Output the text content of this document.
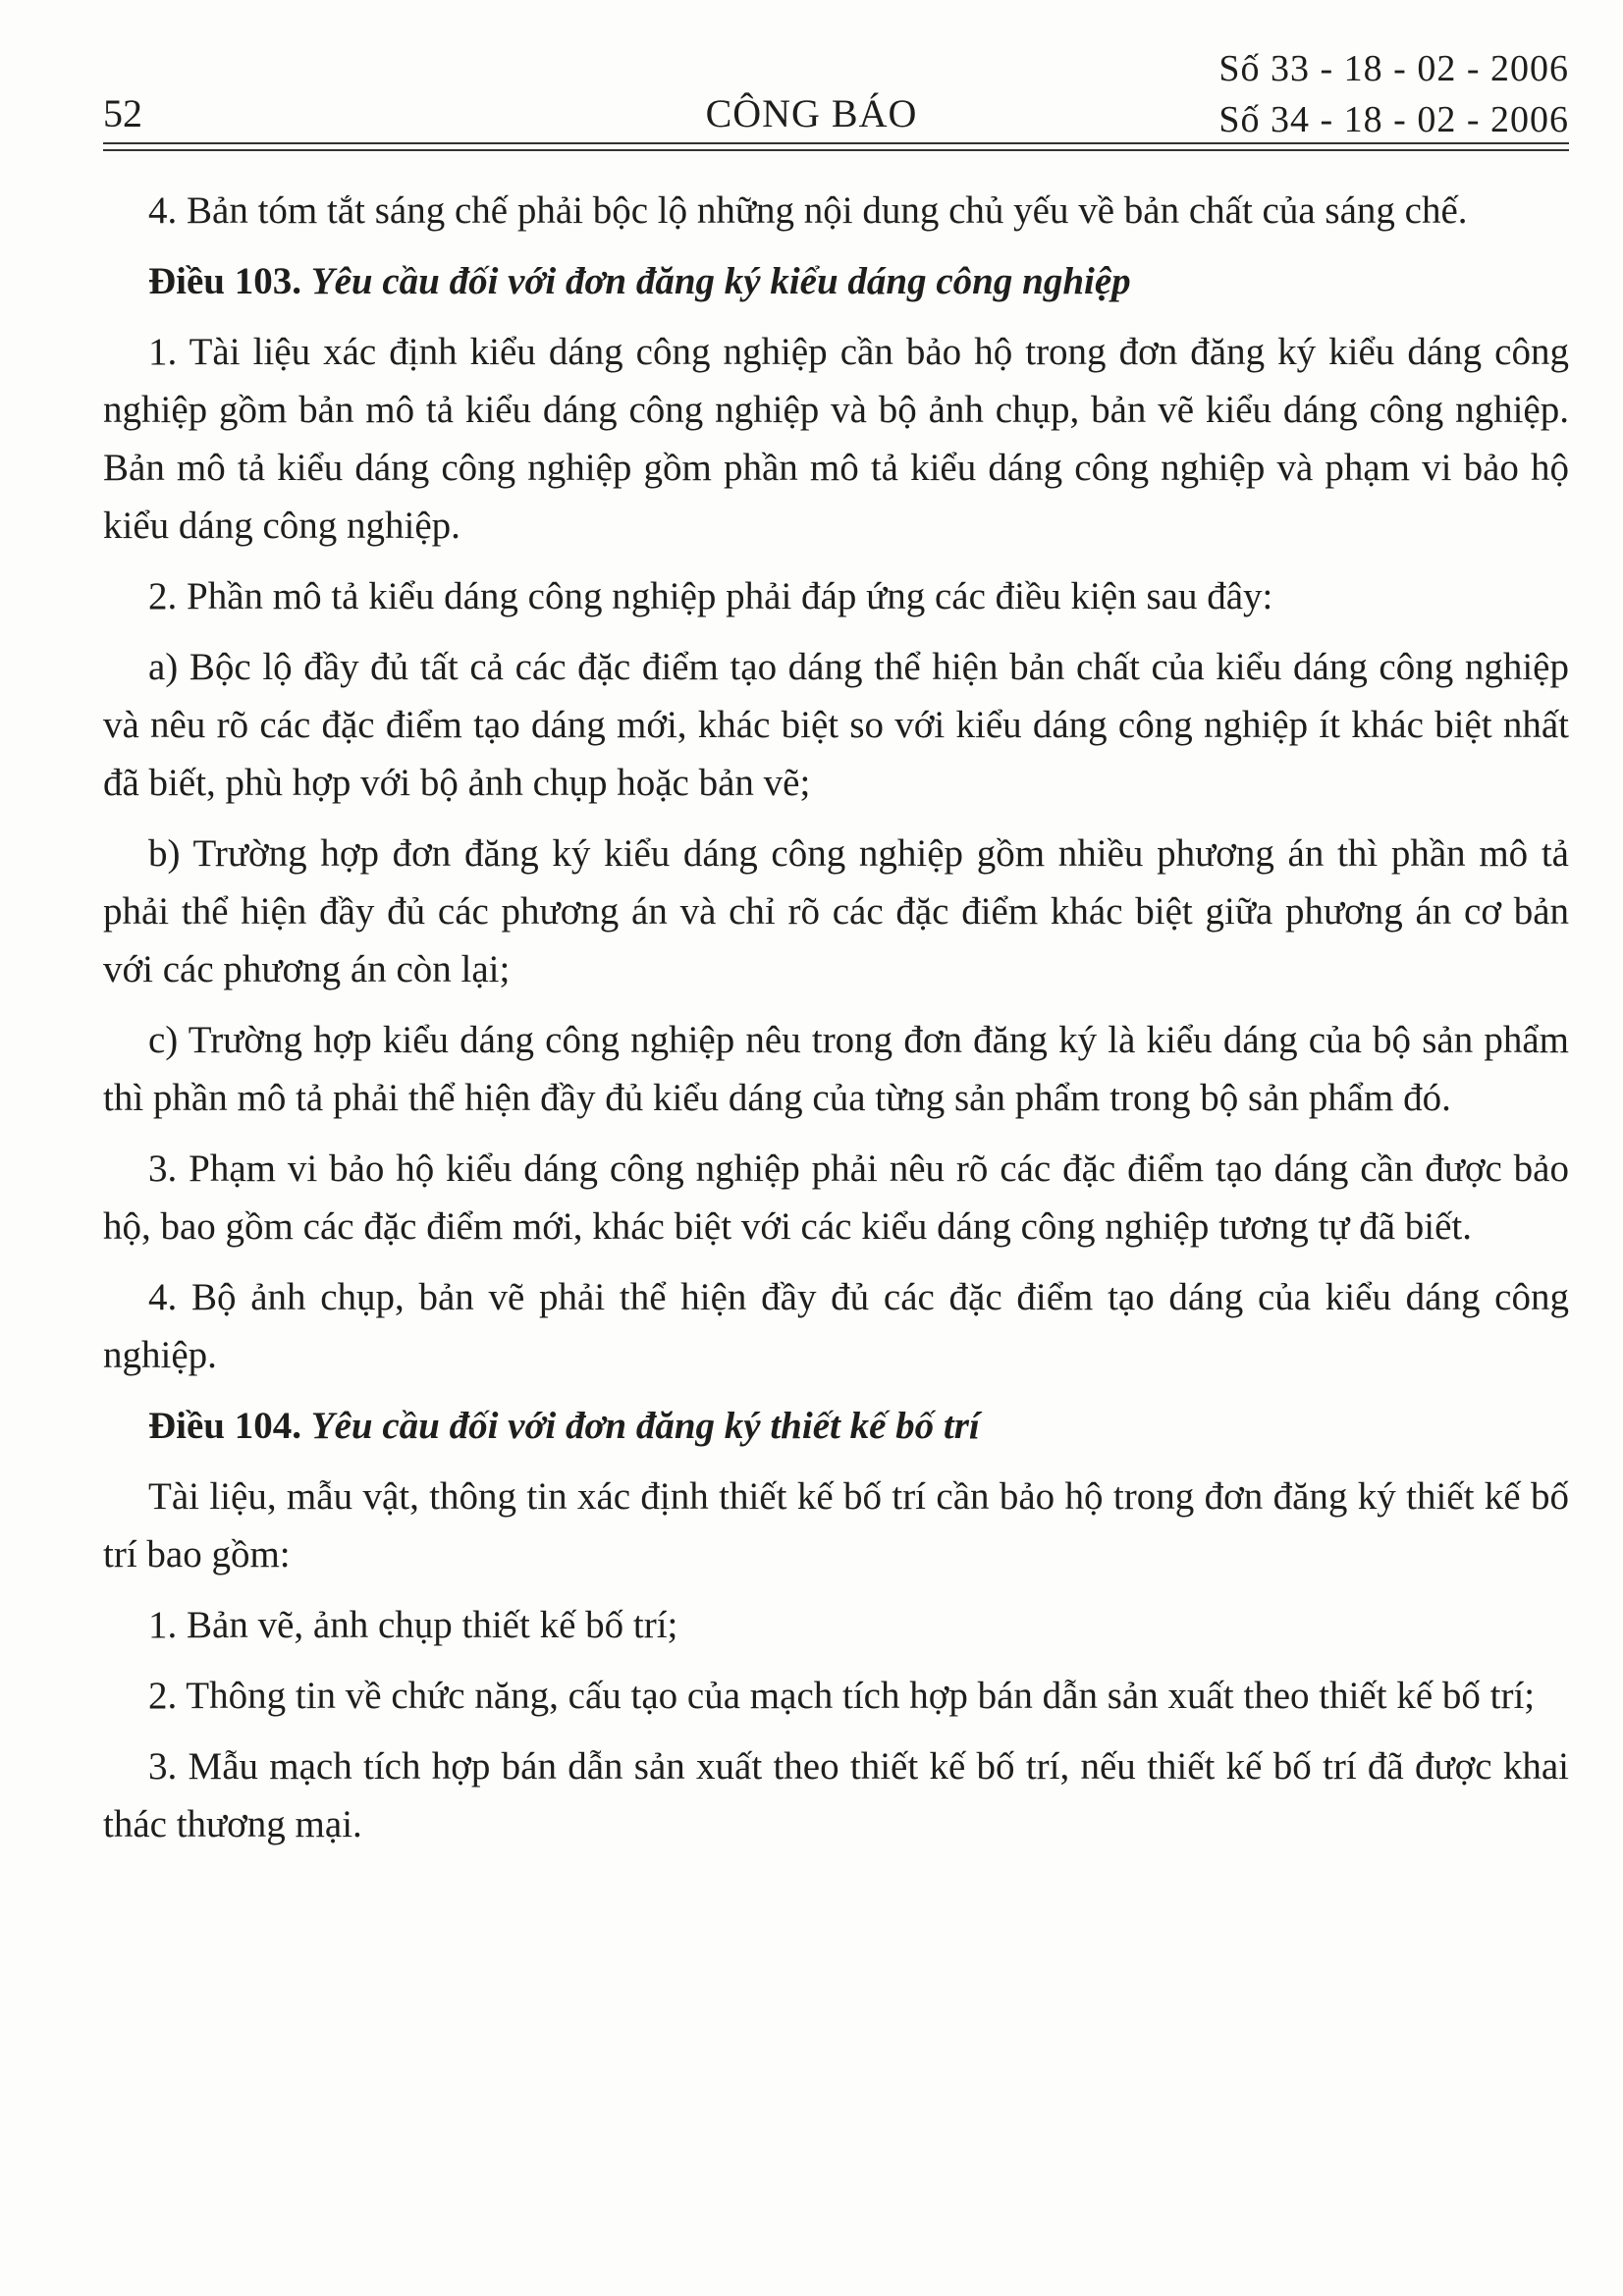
52	CÔNG BÁO
Số 33 - 18 - 02 - 2006
Số 34 - 18 - 02 - 2006

4. Bản tóm tắt sáng chế phải bộc lộ những nội dung chủ yếu về bản chất của sáng chế.

Điều 103. Yêu cầu đối với đơn đăng ký kiểu dáng công nghiệp

1. Tài liệu xác định kiểu dáng công nghiệp cần bảo hộ trong đơn đăng ký kiểu dáng công nghiệp gồm bản mô tả kiểu dáng công nghiệp và bộ ảnh chụp, bản vẽ kiểu dáng công nghiệp. Bản mô tả kiểu dáng công nghiệp gồm phần mô tả kiểu dáng công nghiệp và phạm vi bảo hộ kiểu dáng công nghiệp.

2. Phần mô tả kiểu dáng công nghiệp phải đáp ứng các điều kiện sau đây:

a) Bộc lộ đầy đủ tất cả các đặc điểm tạo dáng thể hiện bản chất của kiểu dáng công nghiệp và nêu rõ các đặc điểm tạo dáng mới, khác biệt so với kiểu dáng công nghiệp ít khác biệt nhất đã biết, phù hợp với bộ ảnh chụp hoặc bản vẽ;

b) Trường hợp đơn đăng ký kiểu dáng công nghiệp gồm nhiều phương án thì phần mô tả phải thể hiện đầy đủ các phương án và chỉ rõ các đặc điểm khác biệt giữa phương án cơ bản với các phương án còn lại;

c) Trường hợp kiểu dáng công nghiệp nêu trong đơn đăng ký là kiểu dáng của bộ sản phẩm thì phần mô tả phải thể hiện đầy đủ kiểu dáng của từng sản phẩm trong bộ sản phẩm đó.

3. Phạm vi bảo hộ kiểu dáng công nghiệp phải nêu rõ các đặc điểm tạo dáng cần được bảo hộ, bao gồm các đặc điểm mới, khác biệt với các kiểu dáng công nghiệp tương tự đã biết.

4. Bộ ảnh chụp, bản vẽ phải thể hiện đầy đủ các đặc điểm tạo dáng của kiểu dáng công nghiệp.

Điều 104. Yêu cầu đối với đơn đăng ký thiết kế bố trí

Tài liệu, mẫu vật, thông tin xác định thiết kế bố trí cần bảo hộ trong đơn đăng ký thiết kế bố trí bao gồm:

1. Bản vẽ, ảnh chụp thiết kế bố trí;

2. Thông tin về chức năng, cấu tạo của mạch tích hợp bán dẫn sản xuất theo thiết kế bố trí;

3. Mẫu mạch tích hợp bán dẫn sản xuất theo thiết kế bố trí, nếu thiết kế bố trí đã được khai thác thương mại.
